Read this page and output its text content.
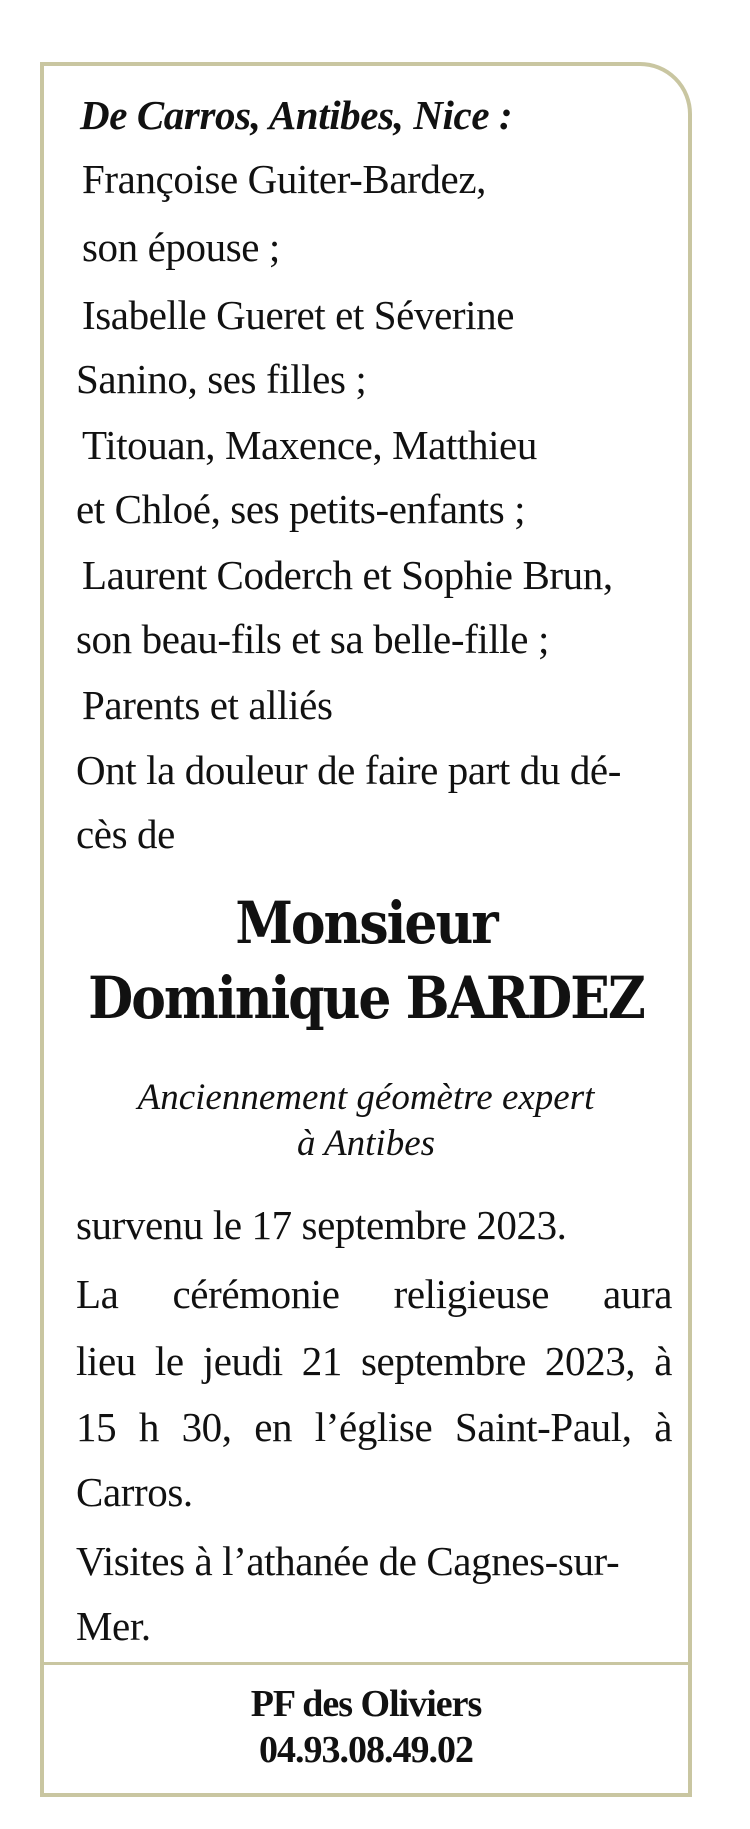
De Carros, Antibes, Nice :
Françoise Guiter-Bardez,
son épouse ;
Isabelle Gueret et Séverine
Sanino, ses filles ;
Titouan, Maxence, Matthieu
et Chloé, ses petits-enfants ;
Laurent Coderch et Sophie Brun,
son beau-fils et sa belle-fille ;
Parents et alliés
Ont la douleur de faire part du dé-
cès de
Monsieur
Dominique BARDEZ
Anciennement géomètre expert
à Antibes
survenu le 17 septembre 2023.
La cérémonie religieuse aura
lieu le jeudi 21 septembre 2023, à
15 h 30, en l’église Saint-Paul, à
Carros.
Visites à l’athanée de Cagnes-sur-
Mer.
PF des Oliviers
04.93.08.49.02
